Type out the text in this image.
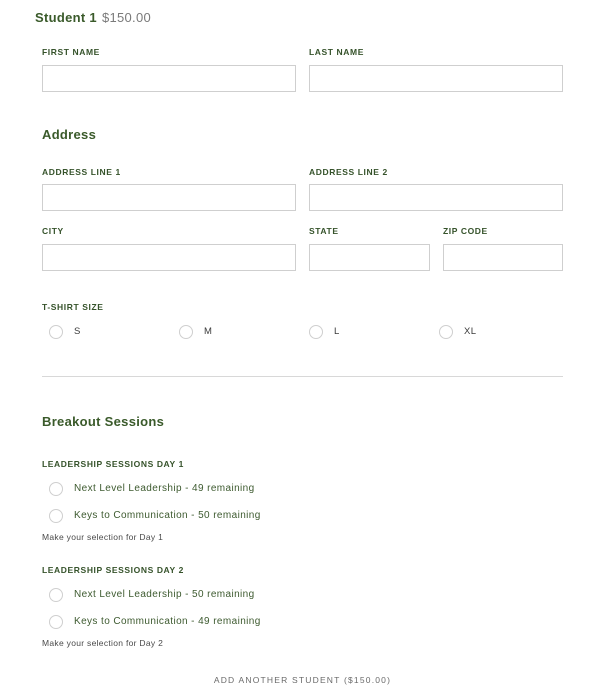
Student 1 $150.00
FIRST NAME	LAST NAME
Address
ADDRESS LINE 1	ADDRESS LINE 2
CITY	STATE	ZIP CODE
T-SHIRT SIZE
S	M	L	XL
Breakout Sessions
LEADERSHIP SESSIONS DAY 1
Next Level Leadership - 49 remaining
Keys to Communication - 50 remaining
Make your selection for Day 1
LEADERSHIP SESSIONS DAY 2
Next Level Leadership - 50 remaining
Keys to Communication - 49 remaining
Make your selection for Day 2
ADD ANOTHER STUDENT ($150.00)
